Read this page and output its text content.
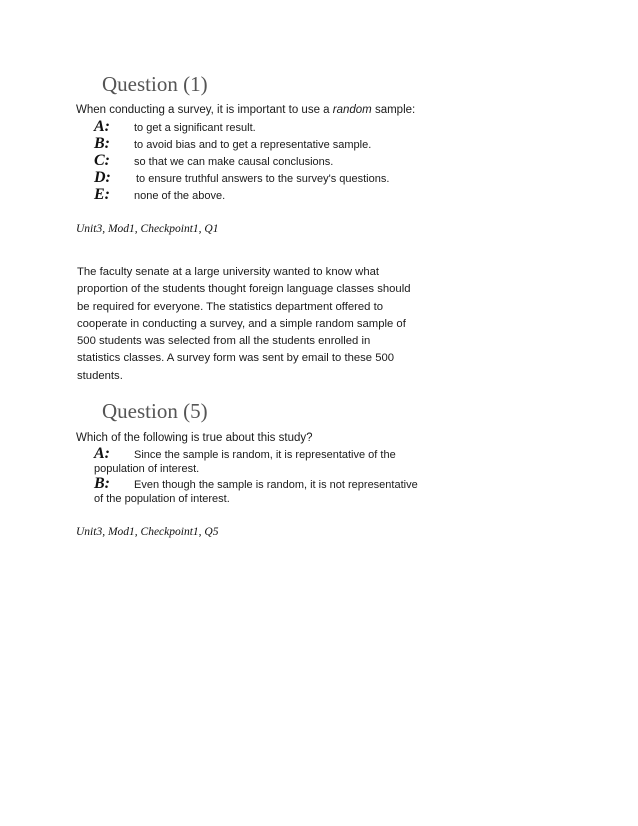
Question (1)
When conducting a survey, it is important to use a random sample:
A: to get a significant result.
B: to avoid bias and to get a representative sample.
C: so that we can make causal conclusions.
D: to ensure truthful answers to the survey's questions.
E: none of the above.
Unit3, Mod1, Checkpoint1, Q1
The faculty senate at a large university wanted to know what
proportion of the students thought foreign language classes should
be required for everyone. The statistics department offered to
cooperate in conducting a survey, and a simple random sample of
500 students was selected from all the students enrolled in
statistics classes. A survey form was sent by email to these 500
students.
Question (5)
Which of the following is true about this study?
A: Since the sample is random, it is representative of the
population of interest.
B: Even though the sample is random, it is not representative
of the population of interest.
Unit3, Mod1, Checkpoint1, Q5
